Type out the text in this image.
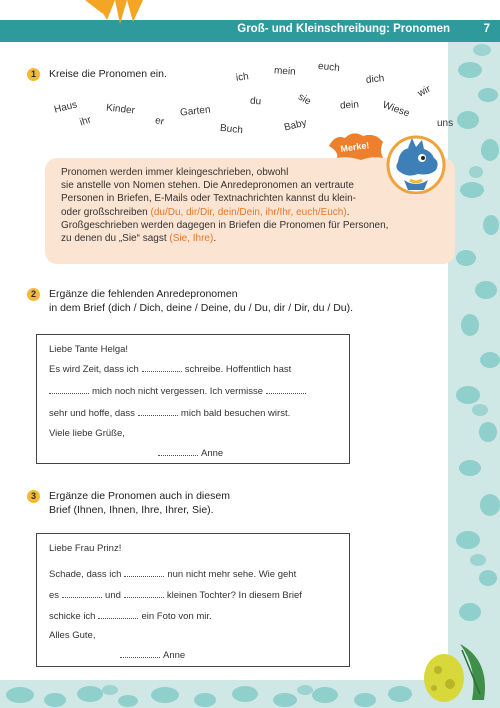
Groß- und Kleinschreibung: Pronomen	7
1	Kreise die Pronomen ein.	ich mein euch
dich
Haus	Kinder
du	sie
wir
ihr	er
Garten	dein Wiese
Buch	Baby	uns
Pronomen werden immer kleingeschrieben, obwohl
sie anstelle von Nomen stehen. Die Anredepronomen an vertraute
Personen in Briefen, E-Mails oder Textnachrichten kannst du klein-
oder großschreiben (du/Du, dir/Dir, dein/Dein, ihr/Ihr, euch/Euch).
Großgeschrieben werden dagegen in Briefen die Pronomen für Personen,
zu denen du „Sie“ sagst (Sie, Ihre).
Merke!
2	Ergänze die fehlenden Anredepronomen
in dem Brief (dich / Dich, deine / Deine, du / Du, dir / Dir, du / Du).
Liebe Tante Helga!
Es wird Zeit, dass ich	schreibe. Hoffentlich hast
mich noch nicht vergessen. Ich vermisse
sehr und hoffe, dass	mich bald besuchen wirst.
Viele liebe Grüße,
Anne
3	Ergänze die Pronomen auch in diesem
Brief (Ihnen, Ihnen, Ihre, Ihrer, Sie).
Liebe Frau Prinz!
Schade, dass ich	nun nicht mehr sehe. Wie geht
es	und	kleinen Tochter? In diesem Brief
schicke ich	ein Foto von mir.
Alles Gute,
Anne
